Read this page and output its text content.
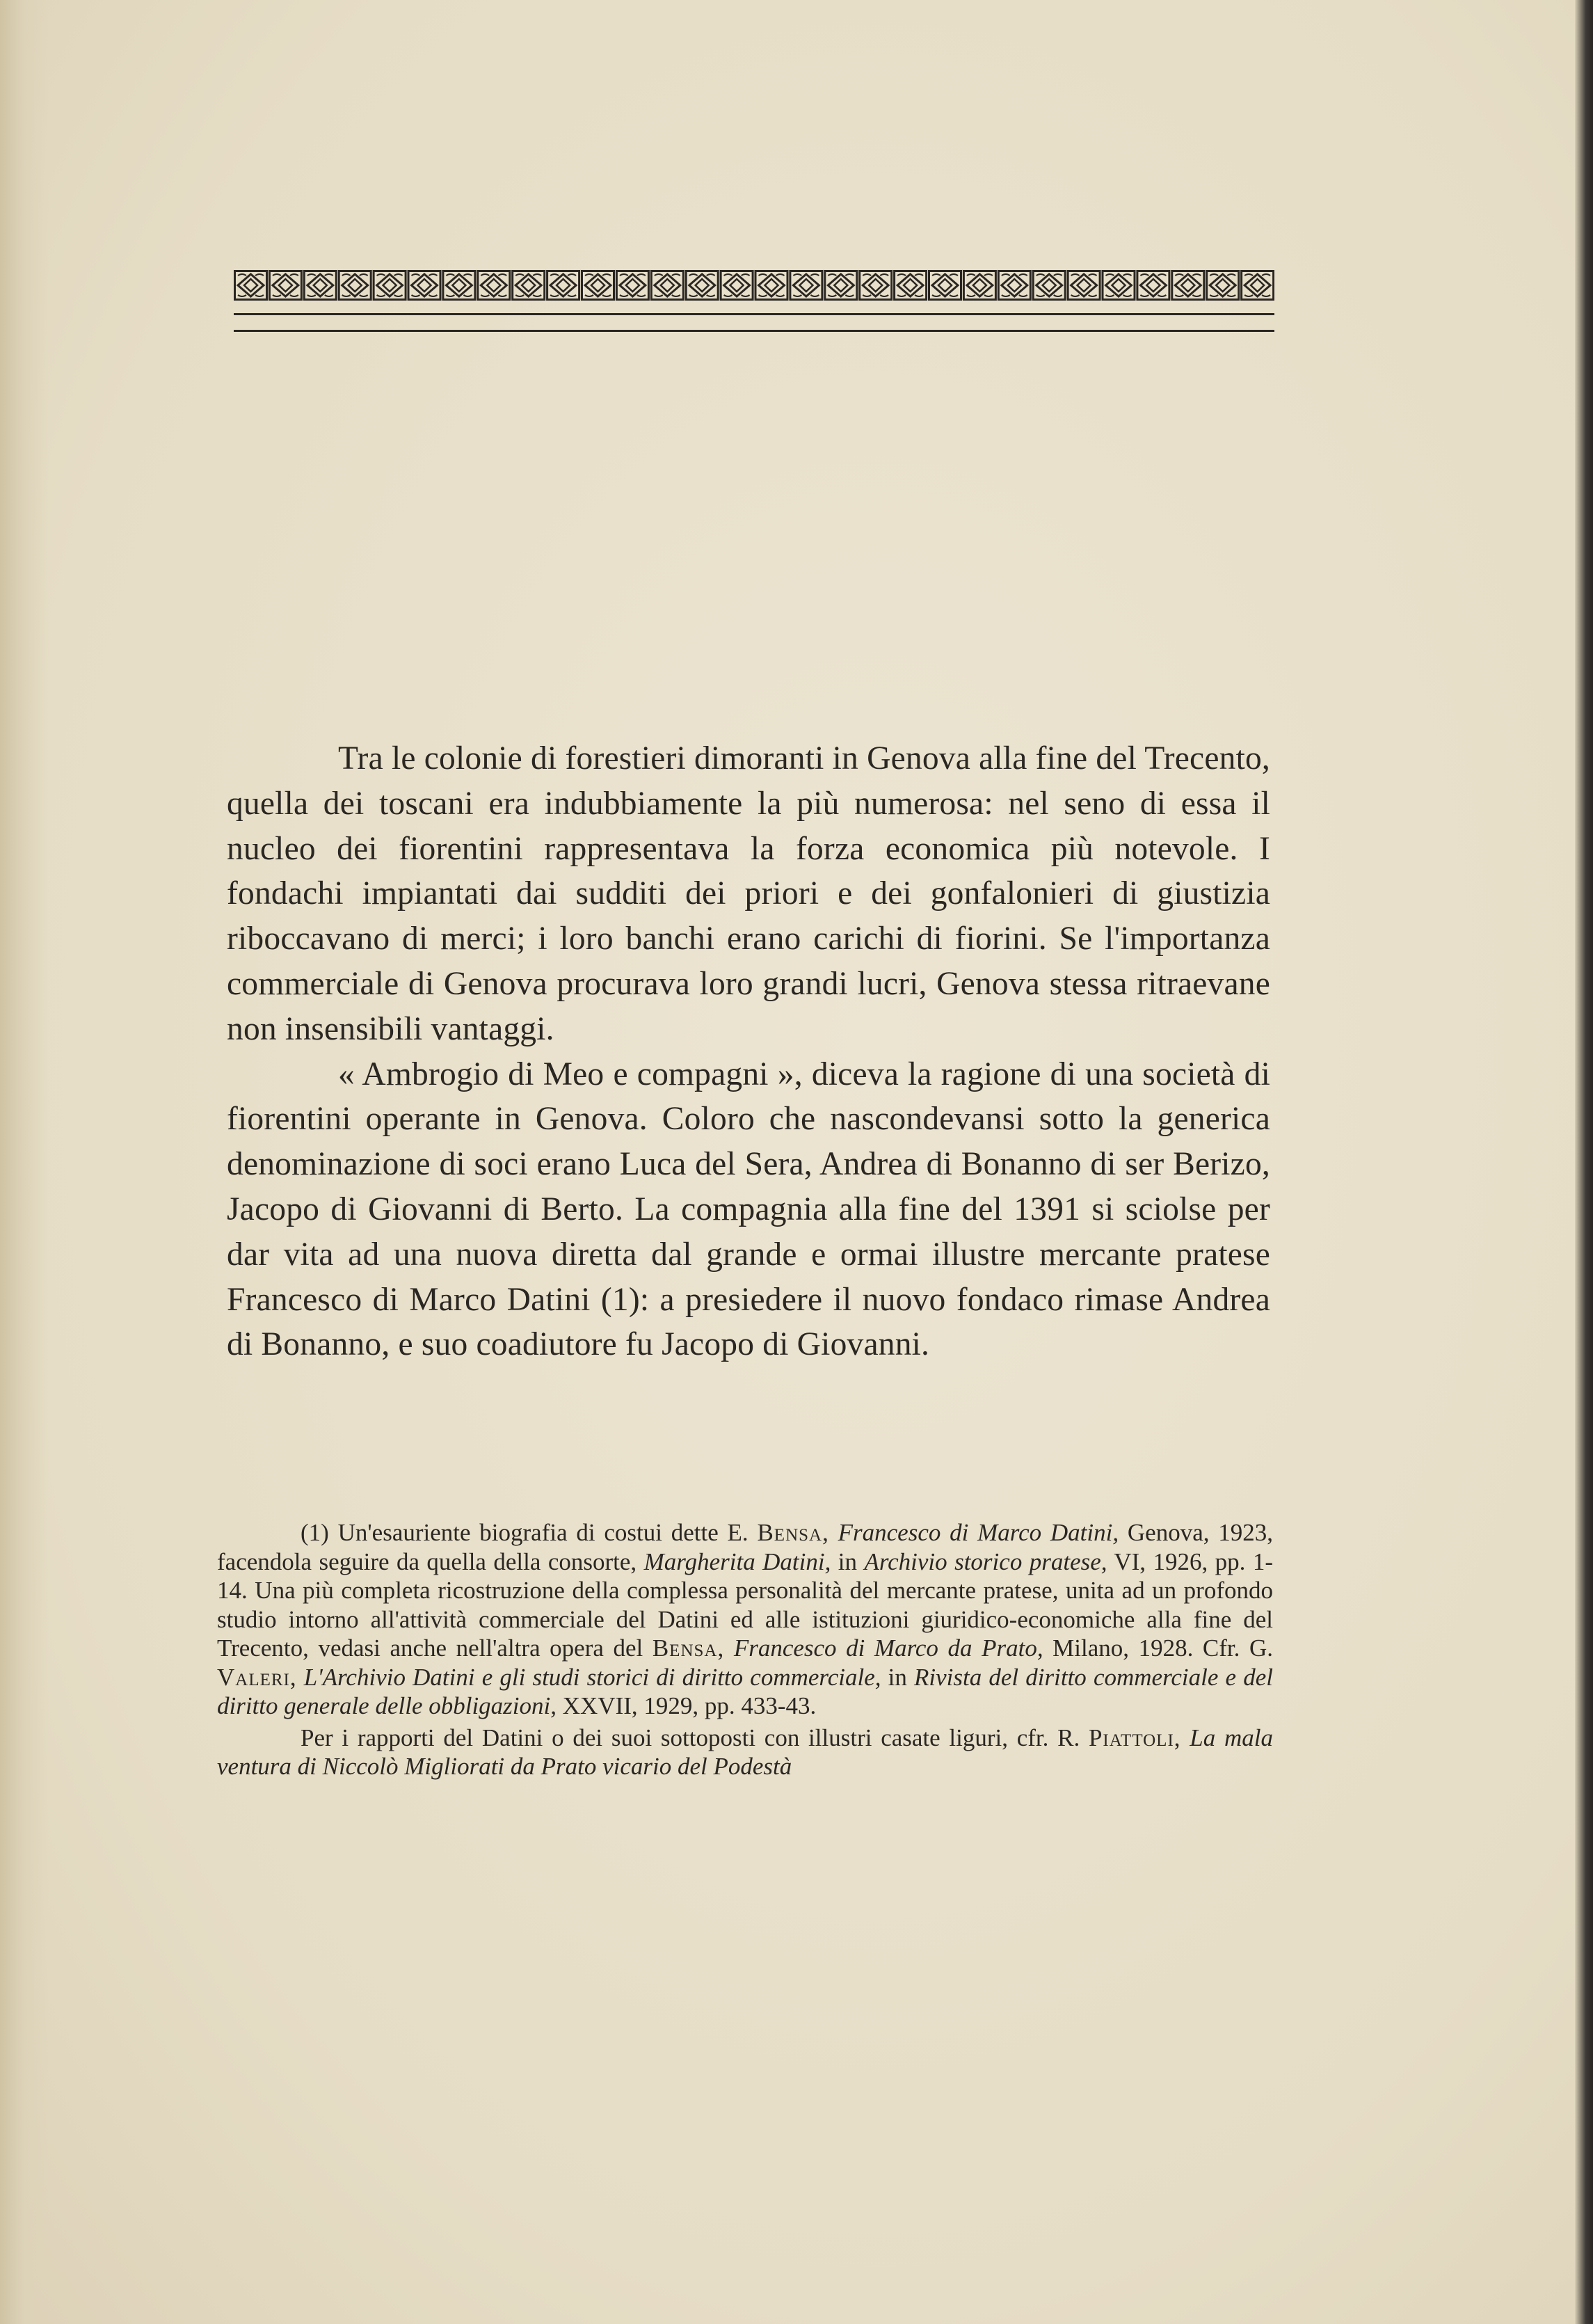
Tra le colonie di forestieri dimoranti in Genova alla fine del Trecento, quella dei toscani era indubbiamente la più numerosa: nel seno di essa il nucleo dei fiorentini rappresentava la forza economica più notevole. I fondachi impiantati dai sudditi dei priori e dei gonfalonieri di giustizia riboccavano di merci; i loro banchi erano carichi di fiorini. Se l'importanza commerciale di Genova procurava loro grandi lucri, Genova stessa ritraevane non insensibili vantaggi.

« Ambrogio di Meo e compagni », diceva la ragione di una società di fiorentini operante in Genova. Coloro che nascondevansi sotto la generica denominazione di soci erano Luca del Sera, Andrea di Bonanno di ser Berizo, Jacopo di Giovanni di Berto. La compagnia alla fine del 1391 si sciolse per dar vita ad una nuova diretta dal grande e ormai illustre mercante pratese Francesco di Marco Datini (1): a presiedere il nuovo fondaco rimase Andrea di Bonanno, e suo coadiutore fu Jacopo di Giovanni.

(1) Un'esauriente biografia di costui dette E. Bensa, Francesco di Marco Datini, Genova, 1923, facendola seguire da quella della consorte, Margherita Datini, in Archivio storico pratese, VI, 1926, pp. 1-14. Una più completa ricostruzione della complessa personalità del mercante pratese, unita ad un profondo studio intorno all'attività commerciale del Datini ed alle istituzioni giuridico-economiche alla fine del Trecento, vedasi anche nell'altra opera del Bensa, Francesco di Marco da Prato, Milano, 1928. Cfr. G. Valeri, L'Archivio Datini e gli studi storici di diritto commerciale, in Rivista del diritto commerciale e del diritto generale delle obbligazioni, XXVII, 1929, pp. 433-43.

Per i rapporti del Datini o dei suoi sottoposti con illustri casate liguri, cfr. R. Piattoli, La mala ventura di Niccolò Migliorati da Prato vicario del Podestà
